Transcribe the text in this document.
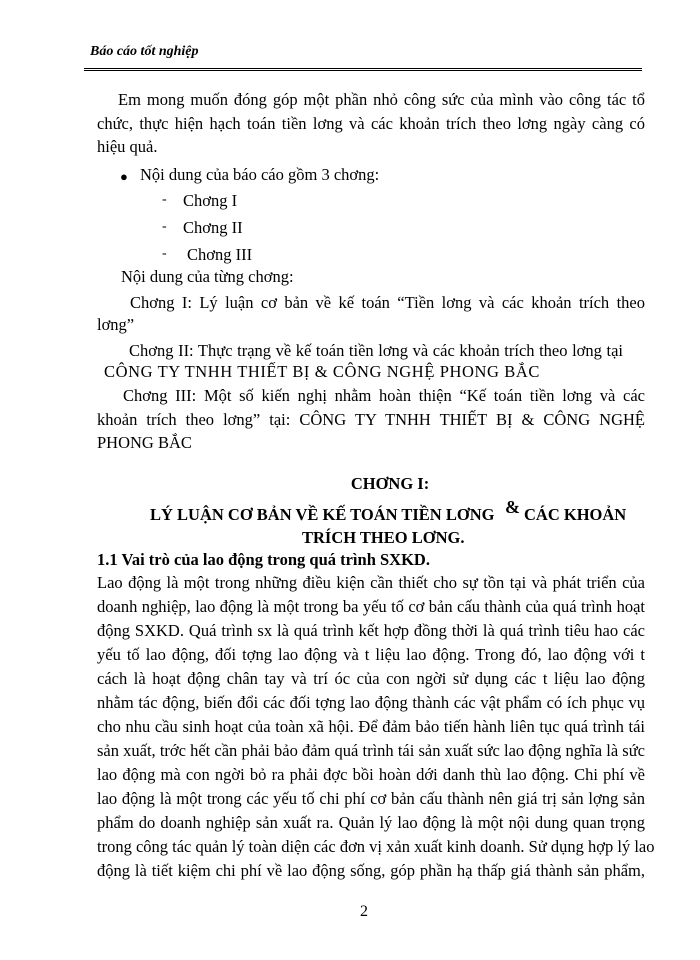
Báo cáo tốt nghiệp
Em mong muốn đóng góp một phần nhỏ công sức của mình vào công tác tổ
chức, thực hiện hạch toán tiền lơng và các khoản trích theo lơng ngày càng có
hiệu quả.
● Nội dung của báo cáo gồm 3 chơng:
- Chơng I
- Chơng II
- Chơng III
Nội dung của từng chơng:
Chơng I: Lý luận cơ bản về kế toán “Tiền lơng và các khoản trích theo
lơng”
Chơng II: Thực trạng về kế toán tiền lơng và các khoản trích theo lơng tại
CÔNG TY TNHH THIẾT BỊ & CÔNG NGHỆ PHONG BẮC
Chơng III: Một số kiến nghị nhằm hoàn thiện “Kế toán tiền lơng và các
khoản trích theo lơng” tại: CÔNG TY TNHH THIẾT BỊ & CÔNG NGHỆ
PHONG BẮC
CHƠNG I:
LÝ LUẬN CƠ BẢN VỀ KẾ TOÁN TIỀN LƠNG & CÁC KHOẢN
TRÍCH THEO LƠNG.
1.1 Vai trò của lao động trong quá trình SXKD.
Lao động là một trong những điều kiện cần thiết cho sự tồn tại và phát triển của
doanh nghiệp, lao động là một trong ba yếu tố cơ bản cấu thành của quá trình hoạt
động SXKD. Quá trình sx là quá trình kết hợp đồng thời là quá trình tiêu hao các
yếu tố lao động, đối tợng lao động và t liệu lao động. Trong đó, lao động với t
cách là hoạt động chân tay và trí óc của con ngời sử dụng các t liệu lao động
nhằm tác động, biến đổi các đối tợng lao động thành các vật phẩm có ích phục vụ
cho nhu cầu sinh hoạt của toàn xã hội. Để đảm bảo tiến hành liên tục quá trình tái
sản xuất, trớc hết cần phải bảo đảm quá trình tái sản xuất sức lao động nghĩa là sức
lao động mà con ngời bỏ ra phải đợc bồi hoàn dới danh thù lao động. Chi phí về
lao động là một trong các yếu tố chi phí cơ bản cấu thành nên giá trị sản lợng sản
phẩm do doanh nghiệp sản xuất ra. Quản lý lao động là một nội dung quan trọng
trong công tác quản lý toàn diện các đơn vị xản xuất kinh doanh. Sử dụng hợp lý lao
động là tiết kiệm chi phí về lao động sống, góp phần hạ thấp giá thành sản phẩm,
2
